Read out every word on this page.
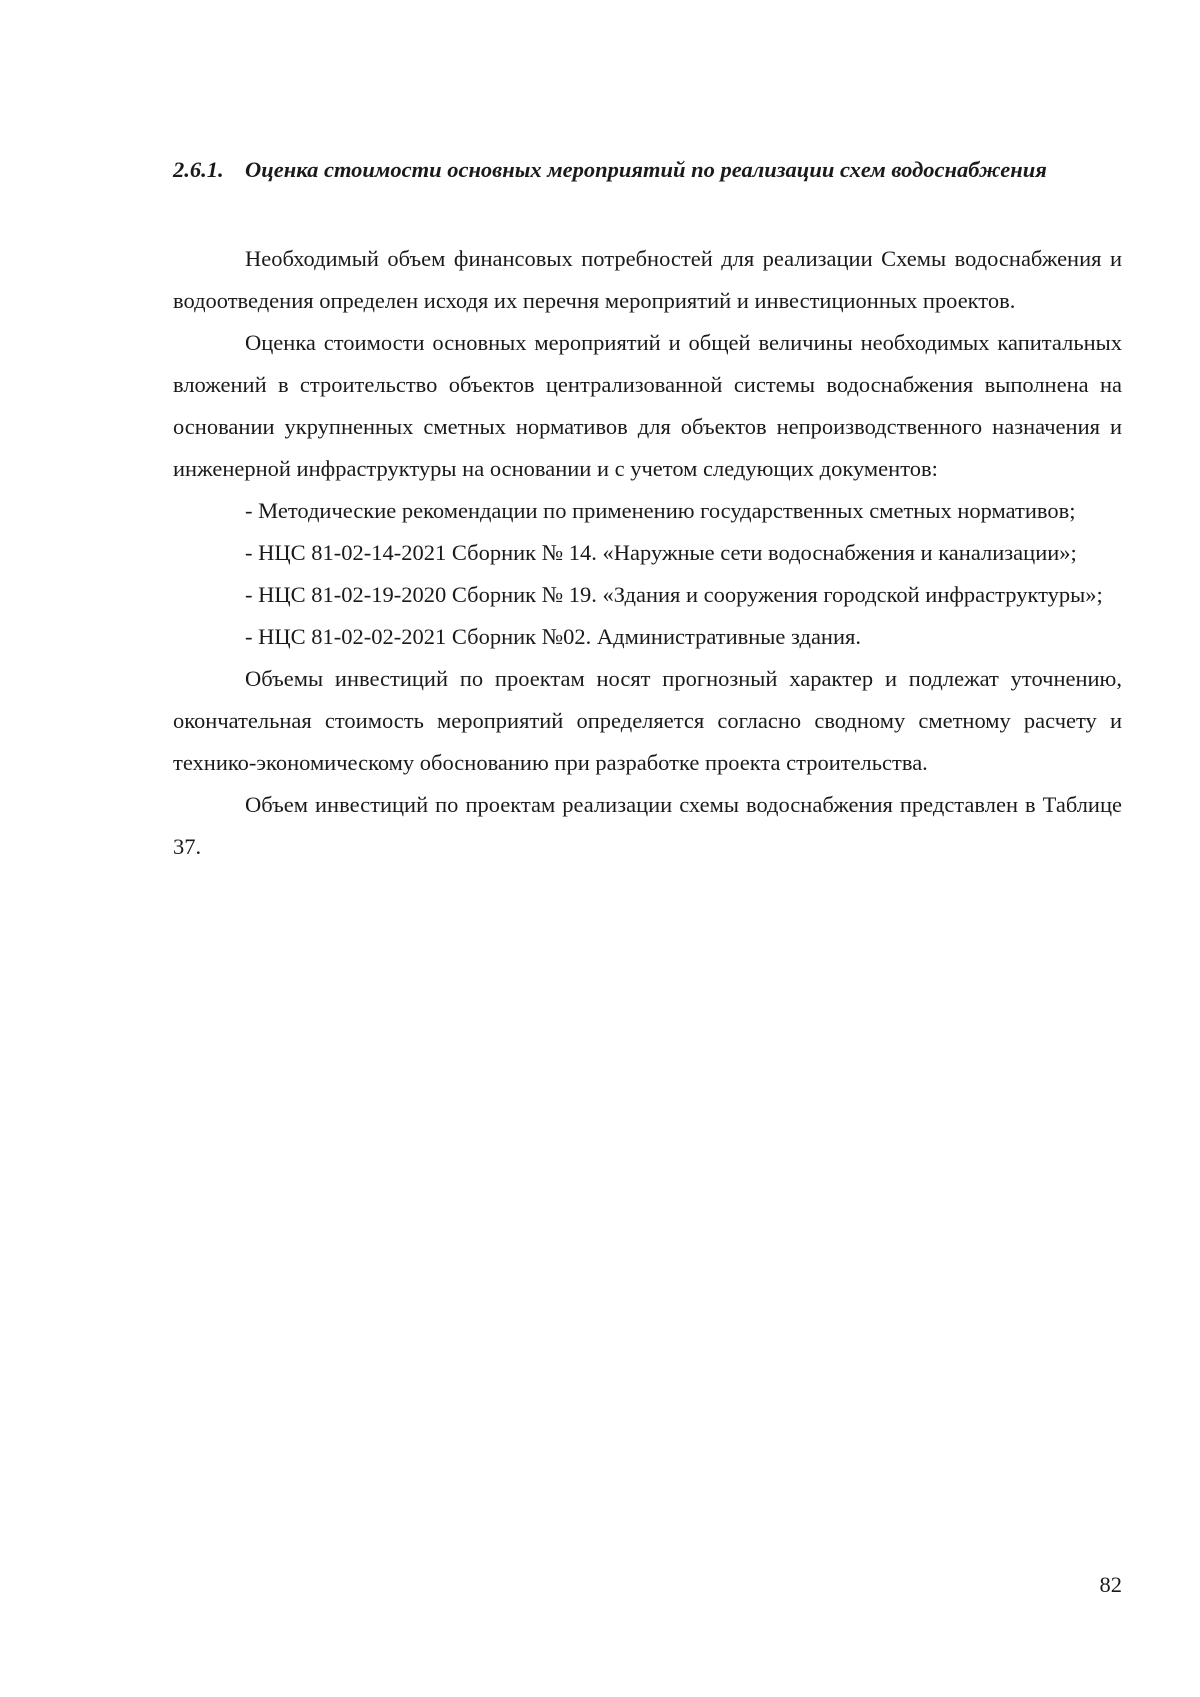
2.6.1. Оценка стоимости основных мероприятий по реализации схем водоснабжения

Необходимый объем финансовых потребностей для реализации Схемы водоснабжения и водоотведения определен исходя их перечня мероприятий и инвестиционных проектов.

Оценка стоимости основных мероприятий и общей величины необходимых капитальных вложений в строительство объектов централизованной системы водоснабжения выполнена на основании укрупненных сметных нормативов для объектов непроизводственного назначения и инженерной инфраструктуры на основании и с учетом следующих документов:

- Методические рекомендации по применению государственных сметных нормативов;

- НЦС 81-02-14-2021 Сборник № 14. «Наружные сети водоснабжения и канализации»;

- НЦС 81-02-19-2020 Сборник № 19. «Здания и сооружения городской инфраструктуры»;

- НЦС 81-02-02-2021 Сборник №02. Административные здания.

Объемы инвестиций по проектам носят прогнозный характер и подлежат уточнению, окончательная стоимость мероприятий определяется согласно сводному сметному расчету и технико-экономическому обоснованию при разработке проекта строительства.

Объем инвестиций по проектам реализации схемы водоснабжения представлен в Таблице 37.

82
